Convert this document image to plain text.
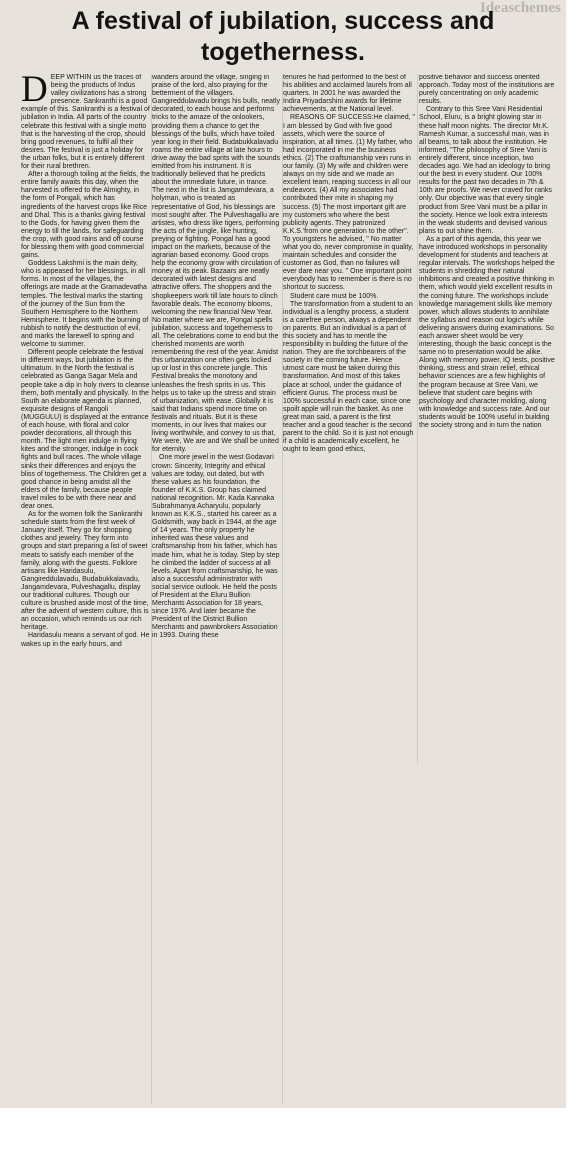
Ideaschemes
A festival of jubilation, success and togetherness.

DEEP WITHIN us the traces of being the products of Indus valley civilizations has a strong presence. Sankranthi is a good example of this. Sankranthi is a festival of jubilation in India. All parts of the country celebrate this festival with a single motto that is the harvesting of the crop, should bring good revenues, to fulfil all their desires. The festival is just a holiday for the urban folks, but it is entirely different for their rural brethren.

After a thorough toiling at the fields, the entire family awaits this day, when the harvested is offered to the Almighty, in the form of Pongali, which has ingredients of the harvest crops like Rice and Dhal. This is a thanks giving festival to the Gods, for having given them the energy to till the lands, for safeguarding the crop, with good rains and off course for blessing them with good commercial gains.

Goddess Lakshmi is the main deity, who is appeased for her blessings, in all forms. In most of the villages, the offerings are made at the Gramadevatha temples. The festival marks the starting of the journey of the Sun from the Southern Hemisphere to the Northern Hemisphere. It begins with the burning of rubbish to notify the destruction of evil, and marks the farewell to spring and welcome to summer.

Different people celebrate the festival in different ways, but jubilation is the ultimatum. In the North the festival is celebrated as Ganga Sagar Mela and people take a dip in holy rivers to cleanse them, both mentally and physically. In the South an elaborate agenda is planned, exquisite designs of Rangoli (MUGGULU) is displayed at the entrance of each house, with floral and color powder decorations, all through this month. The light men indulge in flying kites and the stronger, indulge in cock fights and bull races. The whole village sinks their differences and enjoys the bliss of togetherness. The Children get a good chance in being amidst all the elders of the family, because people travel miles to be with there near and dear ones.

As for the women folk the Sankranthi schedule starts from the first week of January itself. They go for shopping clothes and jewelry. They form into groups and start preparing a list of sweet meats to satisfy each member of the family, along with the guests. Folklore artisans like Haridasulu, Gangireddulavadu, Budabukkalavadu, Jangamdevara, Pulveshagallu, display our traditional cultures. Though our culture is brushed aside most of the time, after the advent of western culture, this is an occasion, which reminds us our rich heritage.

Haridasulu means a servant of god. He wakes up in the early hours, and

wanders around the village, singing in praise of the lord, also praying for the betterment of the villagers. Gangireddulavadu brings his bulls, neatly decorated, to each house and performs tricks to the amaze of the onlookers, providing them a chance to get the blessings of the bulls, which have toiled year long in their field. Budabukkalavadu roams the entire village at late hours to drive away the bad sprits with the sounds emitted from his instrument. It is traditionally believed that he predicts about the immediate future, in trance. The next in the list is Jamgamdevara, a holyman, who is treated as representative of God, his blessings are most sought after. The Pulveshagallu are artistes, who dress like tigers, performing the acts of the jungle, like hunting, preying or fighting. Pongal has a good impact on the markets, because of the agrarian based economy. Good crops help the economy grow with circulation of money at its peak. Bazaars are neatly decorated with latest designs and attractive offers. The shoppers and the shopkeepers work till late hours to clinch favorable deals. The economy blooms, welcoming the new financial New Year. No matter where we are, Pongal spells jubilation, success and togetherness to all. The celebrations come to end but the cherished moments are worth remembering the rest of the year. Amidst this urbanization one often gets locked up or lost in this concrete jungle. This Festival breaks the monotony and unleashes the fresh sprits in us. This helps us to take up the stress and strain of urbanization, with ease. Globally it is said that Indians spend more time on festivals and rituals. But it is these moments, in our lives that makes our living worthwhile, and convey to us that, We were, We are and We shall be united for eternity.

One more jewel in the west Godavari crown: Sincerity, Integrity and ethical values are today, out dated, but with these values as his foundation, the founder of K.K.S. Group has claimed national recognition. Mr. Kada Kannaka Subrahmanya Acharyulu, popularly known as K.K.S., started his career as a Goldsmith, way back in 1944, at the age of 14 years. The only property he inherited was these values and craftsmanship from his father, which has made him, what he is today. Step by step he climbed the ladder of success at all levels. Apart from craftsmanship, he was also a successful administrator with social service outlook. He held the posts of President at the Eluru Bullion Merchants Association for 18 years, since 1976. And later became the President of the District Bullion Merchants and pawnbrokers Association in 1993. During these

tenures he had performed to the best of his abilities and acclaimed laurels from all quarters. In 2001 he was awarded the Indira Priyadarshini awards for lifetime achievements, at the National level.

REASONS OF SUCCESS:He claimed, " I am blessed by God with five good assets, which were the source of inspiration, at all times. (1) My father, who had incorporated in me the business ethics. (2) The craftsmanship vein runs in our family. (3) My wife and children were always on my side and we made an excellent team, reaping success in all our endeavors. (4) All my associates had contributed their mite in shaping my success. (5) The most important gift are my customers who where the best publicity agents. They patronized K.K.S.'from one generation to the other". To youngsters he advised, " No matter what you do, never compromise in quality, maintain schedules and consider the customer as God, than no failures will ever dare near you. " One important point everybody has to remember is there is no shortcut to success.

Student care must be 100%.

The transformation from a student to an individual is a lengthy process, a student is a carefree person, always a dependent on parents. But an individual is a part of this society and has to mentle the responsibility in building the future of the nation. They are the torchbearers of the society in the coming future. Hence utmost care must be taken during this transformation. And most of this takes place at school, under the guidance of efficient Gurus. The process must be 100% successful in each case, since one spoilt apple will ruin the basket. As one great man said, a parent is the first teacher and a good teacher is the second parent to the child. So it is just not enough if a child is academically excellent, he ought to learn good ethics,

positive behavior and success oriented approach. Today most of the institutions are purely concentrating on only academic results.

Contrary to this Sree Vani Residential School, Eluru, is a bright glowing star in these half moon nights. The director Mr.K. Ramesh Kumar, a successful man, was in all beams, to talk about the institution. He informed, "The philosophy of Sree Vani is entirely different, since inception, two decades ago. We had an ideology to bring out the best in every student. Our 100% results for the past two decades in 7th & 10th are proofs. We never craved for ranks only. Our objective was that every single product from Sree Vani must be a pillar in the society. Hence we look extra interests in the weak students and devised various plans to out shine them.

As a part of this agenda, this year we have introduced workshops in personality development for students and teachers at regular intervals. The workshops helped the students in shredding their natural inhibitions and created a positive thinking in them, which would yield excellent results in the coming future. The workshops include knowledge management skills like memory power, which allows students to annihilate the syllabus and reason out logic's while delivering answers during examinations. So each answer sheet would be very interesting, though the basic concept is the same no to presentation would be alike. Along with memory power, IQ tests, positive thinking, stress and strain relief, ethical behavior sciences are a few highlights of the program because at Sree Vani, we believe that student care begins with psychology and character molding, along with knowledge and success rate. And our students would be 100% useful in building the society strong and in turn the nation
